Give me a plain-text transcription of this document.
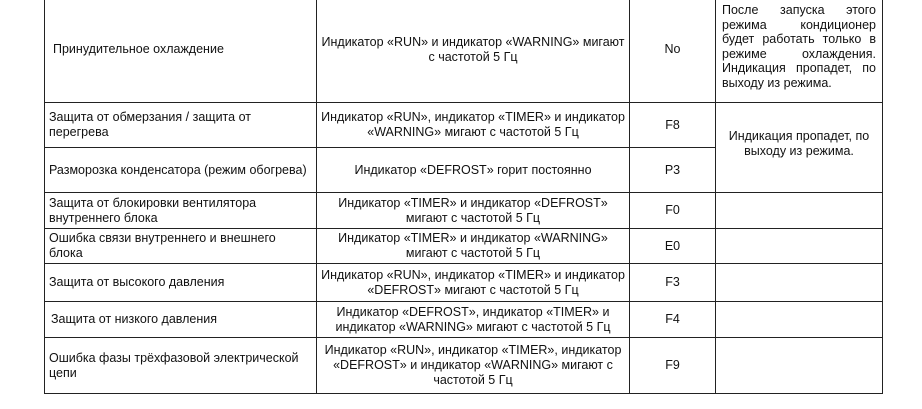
Принудительное охлаждение	Индикатор «RUN» и индикатор «WARNING» мигают с частотой 5 Гц	No	После запуска этого режима кондиционер будет работать только в режиме охлаждения. Индикация пропадет, по выходу из режима.
Защита от обмерзания / защита от перегрева	Индикатор «RUN», индикатор «TIMER» и индикатор «WARNING» мигают с частотой 5 Гц	F8	Индикация пропадет, по выходу из режима.
Разморозка конденсатора (режим обогрева)	Индикатор «DEFROST» горит постоянно	P3	
Защита от блокировки вентилятора внутреннего блока	Индикатор «TIMER» и индикатор «DEFROST» мигают с частотой 5 Гц	F0	
Ошибка связи внутреннего и внешнего блока	Индикатор «TIMER» и индикатор «WARNING» мигают с частотой 5 Гц	E0	
Защита от высокого давления	Индикатор «RUN», индикатор «TIMER» и индикатор «DEFROST» мигают с частотой 5 Гц	F3	
Защита от низкого давления	Индикатор «DEFROST», индикатор «TIMER» и индикатор «WARNING» мигают с частотой 5 Гц	F4	
Ошибка фазы трёхфазовой электрической цепи	Индикатор «RUN», индикатор «TIMER», индикатор «DEFROST» и индикатор «WARNING» мигают с частотой 5 Гц	F9	
